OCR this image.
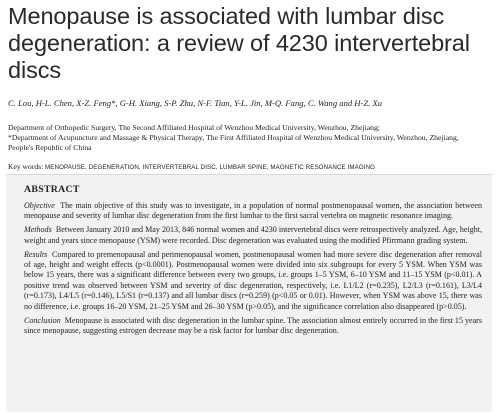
Menopause is associated with lumbar disc degeneration: a review of 4230 intervertebral discs
C. Lou, H-L. Chen, X-Z. Feng*, G-H. Xiang, S-P. Zhu, N-F. Tian, Y-L. Jin, M-Q. Fang, C. Wang and H-Z. Xu
Department of Orthopedic Surgery, The Second Affiliated Hospital of Wenzhou Medical University, Wenzhou, Zhejiang;
*Department of Acupuncture and Massage & Physical Therapy, The First Affiliated Hospital of Wenzhou Medical University, Wenzhou, Zhejiang, People's Republic of China
Key words: MENOPAUSE, DEGENERATION, INTERVERTEBRAL DISC, LUMBAR SPINE, MAGNETIC RESONANCE IMAGING
ABSTRACT

Objective The main objective of this study was to investigate, in a population of normal postmenopausal women, the association between menopause and severity of lumbar disc degeneration from the first lumbar to the first sacral vertebra on magnetic resonance imaging.

Methods Between January 2010 and May 2013, 846 normal women and 4230 intervertebral discs were retrospectively analyzed. Age, height, weight and years since menopause (YSM) were recorded. Disc degeneration was evaluated using the modified Pfirrmann grading system.

Results Compared to premenopausal and perimenopausal women, postmenopausal women had more severe disc degeneration after removal of age, height and weight effects (p<0.0001). Postmenopausal women were divided into six subgroups for every 5 YSM. When YSM was below 15 years, there was a significant difference between every two groups, i.e. groups 1–5 YSM, 6–10 YSM and 11–15 YSM (p<0.01). A positive trend was observed between YSM and severity of disc degeneration, respectively, i.e. L1/L2 (r=0.235), L2/L3 (r=0.161), L3/L4 (r=0.173), L4/L5 (r=0.146), L5/S1 (r=0.137) and all lumbar discs (r=0.259) (p<0.05 or 0.01). However, when YSM was above 15, there was no difference, i.e. groups 16–20 YSM, 21–25 YSM and 26–30 YSM (p>0.05), and the significance correlation also disappeared (p>0.05).

Conclusion Menopause is associated with disc degeneration in the lumbar spine. The association almost entirely occurred in the first 15 years since menopause, suggesting estrogen decrease may be a risk factor for lumbar disc degeneration.
